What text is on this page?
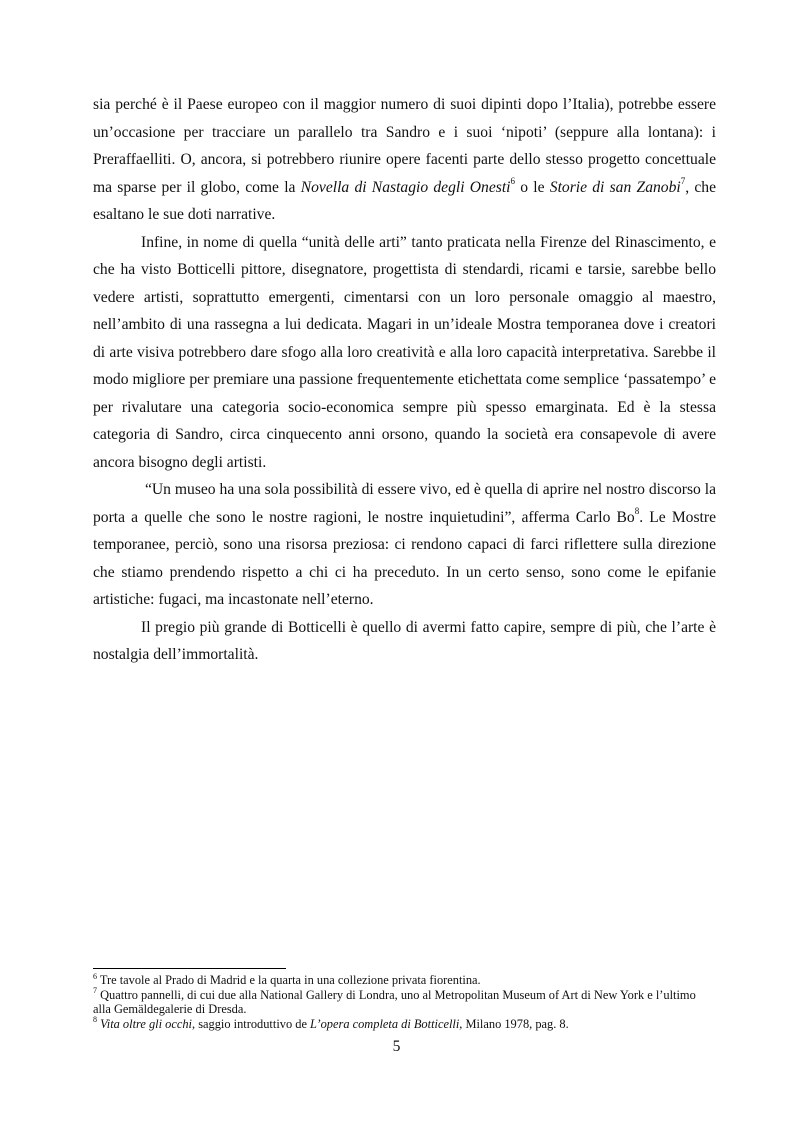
sia perché è il Paese europeo con il maggior numero di suoi dipinti dopo l’Italia), potrebbe essere un’occasione per tracciare un parallelo tra Sandro e i suoi ‘nipoti’ (seppure alla lontana): i Preraffaelliti. O, ancora, si potrebbero riunire opere facenti parte dello stesso progetto concettuale ma sparse per il globo, come la Novella di Nastagio degli Onesti$^6$ o le Storie di san Zanobi$^7$, che esaltano le sue doti narrative.

Infine, in nome di quella “unità delle arti” tanto praticata nella Firenze del Rinascimento, e che ha visto Botticelli pittore, disegnatore, progettista di stendardi, ricami e tarsie, sarebbe bello vedere artisti, soprattutto emergenti, cimentarsi con un loro personale omaggio al maestro, nell’ambito di una rassegna a lui dedicata. Magari in un’ideale Mostra temporanea dove i creatori di arte visiva potrebbero dare sfogo alla loro creatività e alla loro capacità interpretativa. Sarebbe il modo migliore per premiare una passione frequentemente etichettata come semplice ‘passatempo’ e per rivalutare una categoria socio-economica sempre più spesso emarginata. Ed è la stessa categoria di Sandro, circa cinquecento anni orsono, quando la società era consapevole di avere ancora bisogno degli artisti.

“Un museo ha una sola possibilità di essere vivo, ed è quella di aprire nel nostro discorso la porta a quelle che sono le nostre ragioni, le nostre inquietudini”, afferma Carlo Bo$^8$. Le Mostre temporanee, perciò, sono una risorsa preziosa: ci rendono capaci di farci riflettere sulla direzione che stiamo prendendo rispetto a chi ci ha preceduto. In un certo senso, sono come le epifanie artistiche: fugaci, ma incastonate nell’eterno.

Il pregio più grande di Botticelli è quello di avermi fatto capire, sempre di più, che l’arte è nostalgia dell’immortalità.

$^6$ Tre tavole al Prado di Madrid e la quarta in una collezione privata fiorentina.

$^7$ Quattro pannelli, di cui due alla National Gallery di Londra, uno al Metropolitan Museum of Art di New York e l’ultimo alla Gemäldegalerie di Dresda.

$^8$ Vita oltre gli occhi, saggio introduttivo de L’opera completa di Botticelli, Milano 1978, pag. 8.

5
